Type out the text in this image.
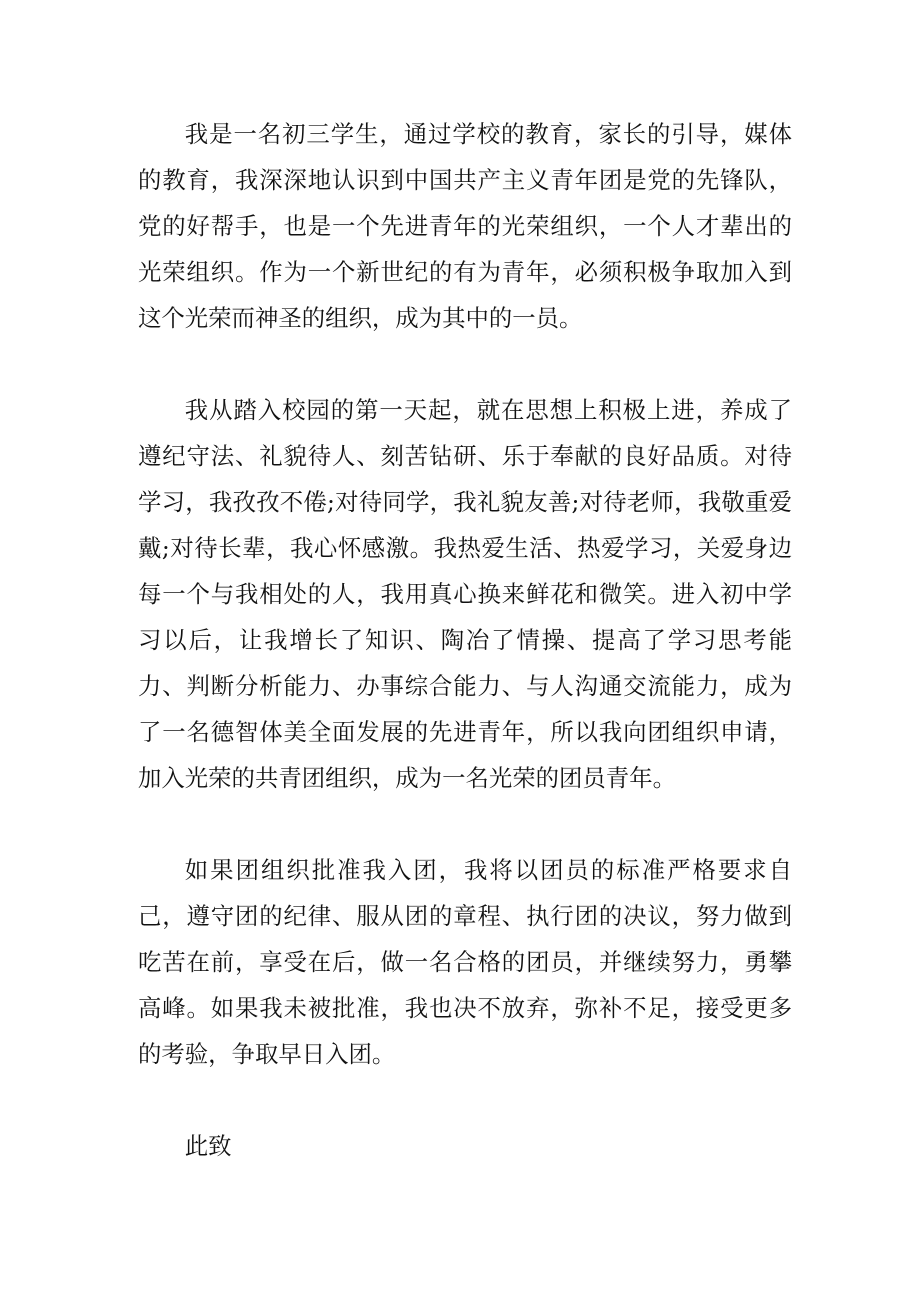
我是一名初三学生，通过学校的教育，家长的引导，媒体的教育，我深深地认识到中国共产主义青年团是党的先锋队，党的好帮手，也是一个先进青年的光荣组织，一个人才辈出的光荣组织。作为一个新世纪的有为青年，必须积极争取加入到这个光荣而神圣的组织，成为其中的一员。

我从踏入校园的第一天起，就在思想上积极上进，养成了遵纪守法、礼貌待人、刻苦钻研、乐于奉献的良好品质。对待学习，我孜孜不倦;对待同学，我礼貌友善;对待老师，我敬重爱戴;对待长辈，我心怀感激。我热爱生活、热爱学习，关爱身边每一个与我相处的人，我用真心换来鲜花和微笑。进入初中学习以后，让我增长了知识、陶冶了情操、提高了学习思考能力、判断分析能力、办事综合能力、与人沟通交流能力，成为了一名德智体美全面发展的先进青年，所以我向团组织申请，加入光荣的共青团组织，成为一名光荣的团员青年。

如果团组织批准我入团，我将以团员的标准严格要求自己，遵守团的纪律、服从团的章程、执行团的决议，努力做到吃苦在前，享受在后，做一名合格的团员，并继续努力，勇攀高峰。如果我未被批准，我也决不放弃，弥补不足，接受更多的考验，争取早日入团。

此致
